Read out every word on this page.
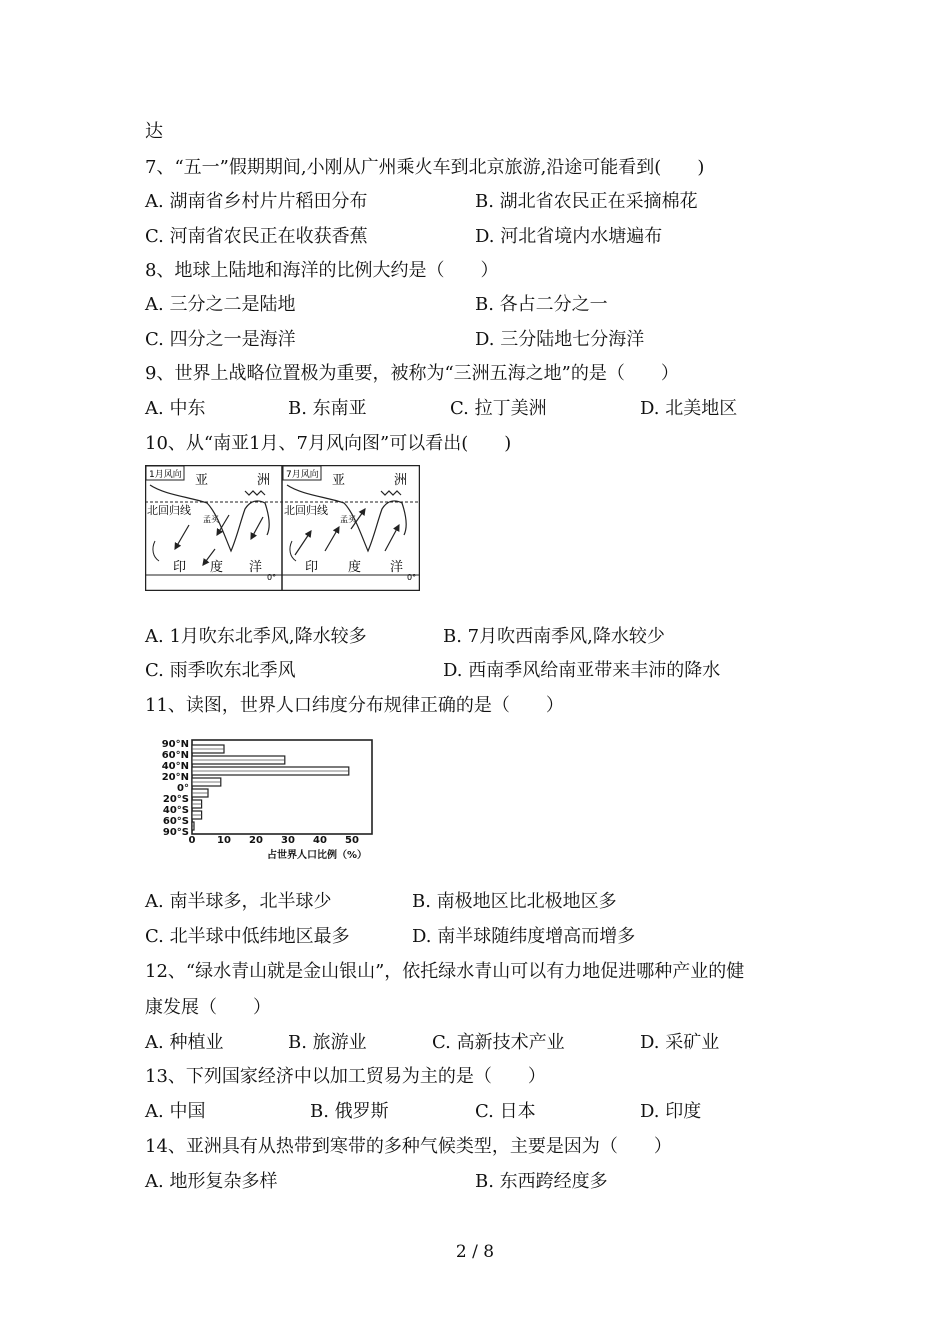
达
7、“五一”假期期间,小刚从广州乘火车到北京旅游,沿途可能看到(　　)
A. 湖南省乡村片片稻田分布	B. 湖北省农民正在采摘棉花
C. 河南省农民正在收获香蕉	D. 河北省境内水塘遍布
8、地球上陆地和海洋的比例大约是（　　）
A. 三分之二是陆地	B. 各占二分之一
C. 四分之一是海洋	D. 三分陆地七分海洋
9、世界上战略位置极为重要，被称为“三洲五海之地”的是（　　）
A. 中东	B. 东南亚	C. 拉丁美洲	D. 北美地区
10、从“南亚1月、7月风向图”可以看出(　　)
1月风向 亚	洲
北回归线
孟买
印 度 洋
0°
7月风向 亚	洲
北回归线
孟买
印 度 洋
0°
A. 1月吹东北季风,降水较多	B. 7月吹西南季风,降水较少
C. 雨季吹东北季风	D. 西南季风给南亚带来丰沛的降水
11、读图，世界人口纬度分布规律正确的是（　　）
90°N
60°N
40°N
20°N
0°
20°S
40°S
60°S
90°S
0 10 20 30 40 50
占世界人口比例（%）
A. 南半球多，北半球少	B. 南极地区比北极地区多
C. 北半球中低纬地区最多	D. 南半球随纬度增高而增多
12、“绿水青山就是金山银山”，依托绿水青山可以有力地促进哪种产业的健
康发展（　　）
A. 种植业	B. 旅游业	C. 高新技术产业	D. 采矿业
13、下列国家经济中以加工贸易为主的是（　　）
A. 中国	B. 俄罗斯	C. 日本	D. 印度
14、亚洲具有从热带到寒带的多种气候类型，主要是因为（　　）
A. 地形复杂多样	B. 东西跨经度多
2 / 8
